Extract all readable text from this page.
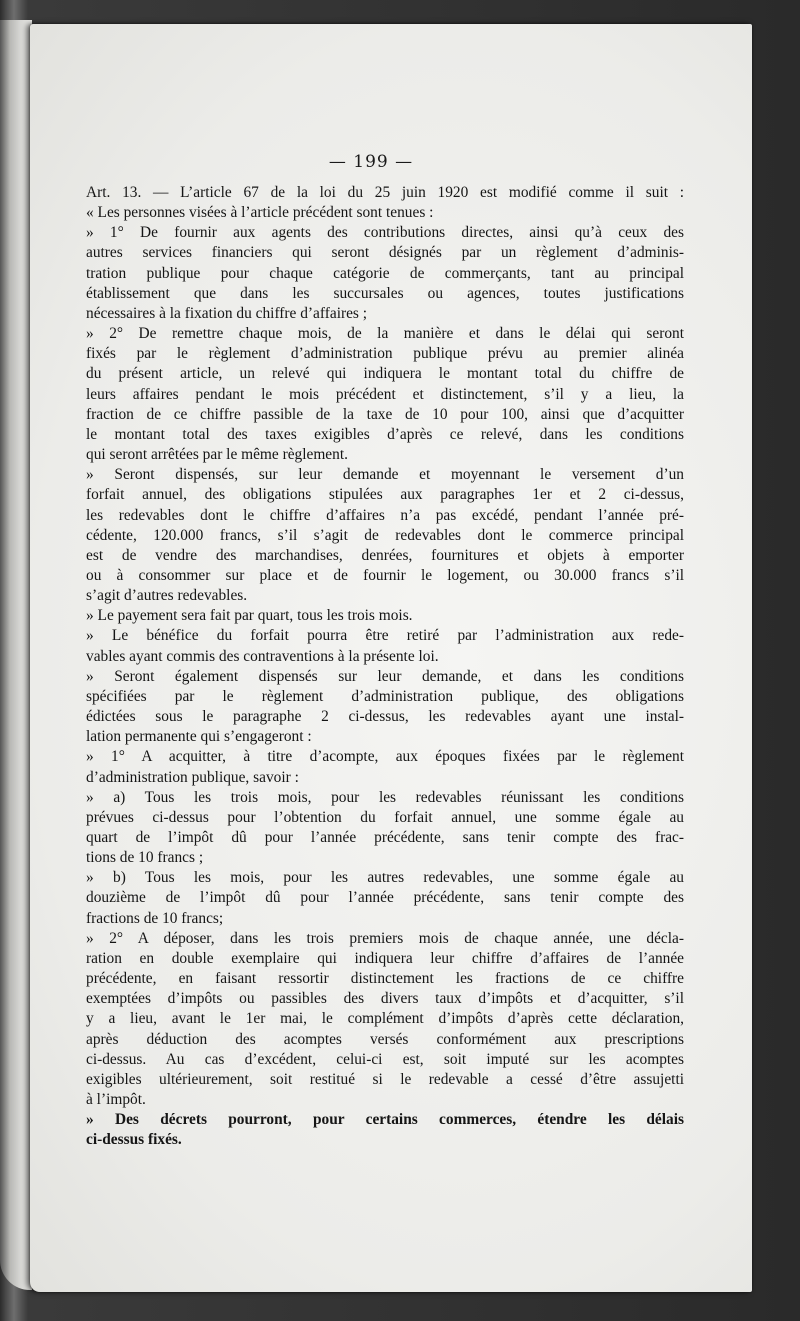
— 199 —
Art. 13. — L’article 67 de la loi du 25 juin 1920 est modifié comme il suit :
« Les personnes visées à l’article précédent sont tenues :
» 1° De fournir aux agents des contributions directes, ainsi qu’à ceux des
autres services financiers qui seront désignés par un règlement d’adminis-
tration publique pour chaque catégorie de commerçants, tant au principal
établissement que dans les succursales ou agences, toutes justifications
nécessaires à la fixation du chiffre d’affaires ;
» 2° De remettre chaque mois, de la manière et dans le délai qui seront
fixés par le règlement d’administration publique prévu au premier alinéa
du présent article, un relevé qui indiquera le montant total du chiffre de
leurs affaires pendant le mois précédent et distinctement, s’il y a lieu, la
fraction de ce chiffre passible de la taxe de 10 pour 100, ainsi que d’acquitter
le montant total des taxes exigibles d’après ce relevé, dans les conditions
qui seront arrêtées par le même règlement.
» Seront dispensés, sur leur demande et moyennant le versement d’un
forfait annuel, des obligations stipulées aux paragraphes 1er et 2 ci-dessus,
les redevables dont le chiffre d’affaires n’a pas excédé, pendant l’année pré-
cédente, 120.000 francs, s’il s’agit de redevables dont le commerce principal
est de vendre des marchandises, denrées, fournitures et objets à emporter
ou à consommer sur place et de fournir le logement, ou 30.000 francs s’il
s’agit d’autres redevables.
» Le payement sera fait par quart, tous les trois mois.
» Le bénéfice du forfait pourra être retiré par l’administration aux rede-
vables ayant commis des contraventions à la présente loi.
» Seront également dispensés sur leur demande, et dans les conditions
spécifiées par le règlement d’administration publique, des obligations
édictées sous le paragraphe 2 ci-dessus, les redevables ayant une instal-
lation permanente qui s’engageront :
» 1° A acquitter, à titre d’acompte, aux époques fixées par le règlement
d’administration publique, savoir :
» a) Tous les trois mois, pour les redevables réunissant les conditions
prévues ci-dessus pour l’obtention du forfait annuel, une somme égale au
quart de l’impôt dû pour l’année précédente, sans tenir compte des frac-
tions de 10 francs ;
» b) Tous les mois, pour les autres redevables, une somme égale au
douzième de l’impôt dû pour l’année précédente, sans tenir compte des
fractions de 10 francs;
» 2° A déposer, dans les trois premiers mois de chaque année, une décla-
ration en double exemplaire qui indiquera leur chiffre d’affaires de l’année
précédente, en faisant ressortir distinctement les fractions de ce chiffre
exemptées d’impôts ou passibles des divers taux d’impôts et d’acquitter, s’il
y a lieu, avant le 1er mai, le complément d’impôts d’après cette déclaration,
après déduction des acomptes versés conformément aux prescriptions
ci-dessus. Au cas d’excédent, celui-ci est, soit imputé sur les acomptes
exigibles ultérieurement, soit restitué si le redevable a cessé d’être assujetti
à l’impôt.
» Des décrets pourront, pour certains commerces, étendre les délais
ci-dessus fixés.
